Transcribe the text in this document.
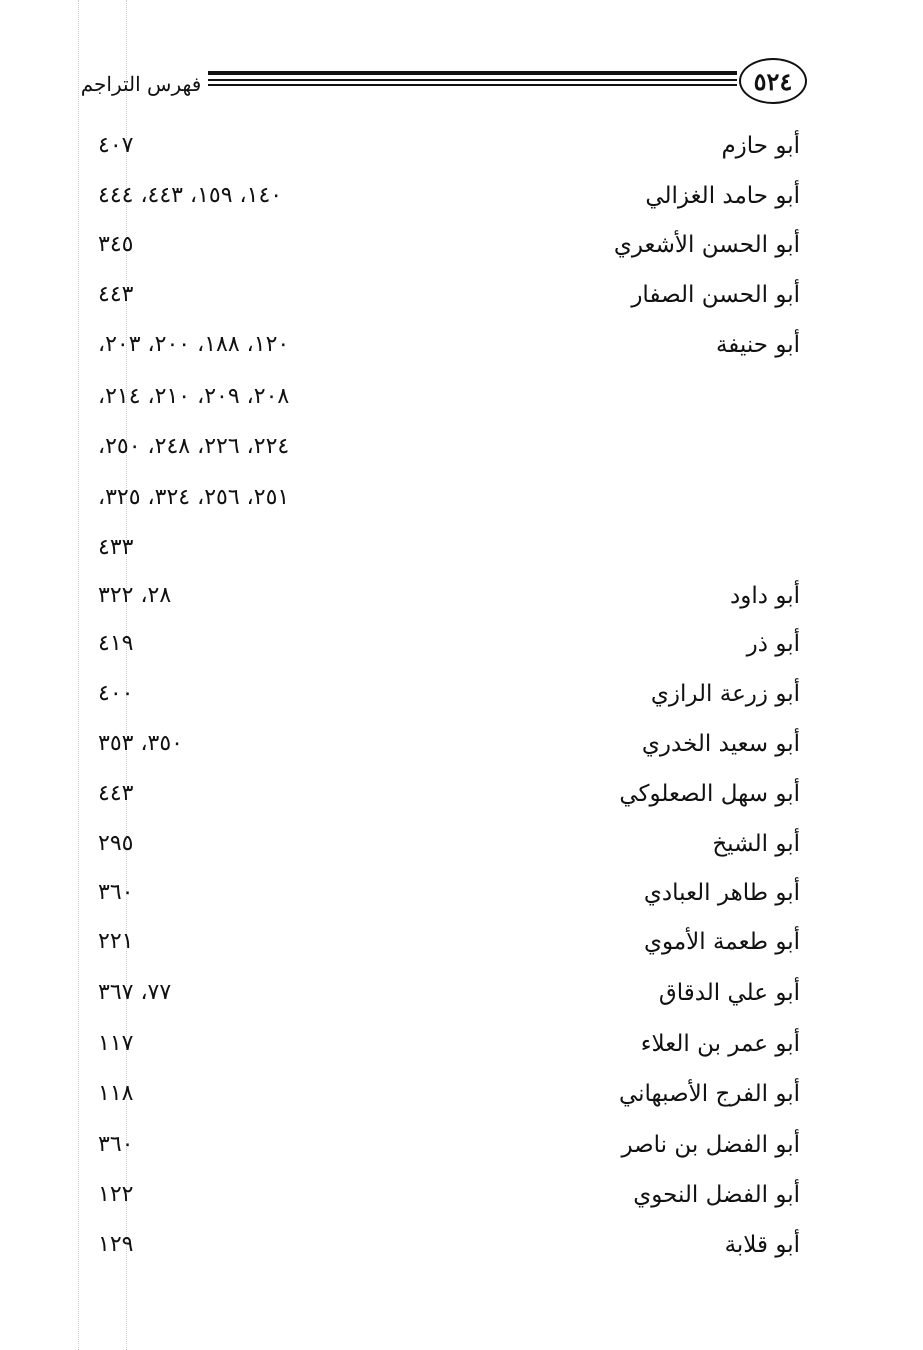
٥٢٤
فهرس التراجم
أبو حازم
٤٠٧
أبو حامد الغزالي
١٤٠، ١٥٩، ٤٤٣، ٤٤٤
أبو الحسن الأشعري
٣٤٥
أبو الحسن الصفار
٤٤٣
أبو حنيفة
١٢٠، ١٨٨، ٢٠٠، ٢٠٣،
٢٠٨، ٢٠٩، ٢١٠، ٢١٤،
٢٢٤، ٢٢٦، ٢٤٨، ٢٥٠،
٢٥١، ٢٥٦، ٣٢٤، ٣٢٥،
٤٣٣
أبو داود
٢٨، ٣٢٢
أبو ذر
٤١٩
أبو زرعة الرازي
٤٠٠
أبو سعيد الخدري
٣٥٠، ٣٥٣
أبو سهل الصعلوكي
٤٤٣
أبو الشيخ
٢٩٥
أبو طاهر العبادي
٣٦٠
أبو طعمة الأموي
٢٢١
أبو علي الدقاق
٧٧، ٣٦٧
أبو عمر بن العلاء
١١٧
أبو الفرج الأصبهاني
١١٨
أبو الفضل بن ناصر
٣٦٠
أبو الفضل النحوي
١٢٢
أبو قلابة
١٢٩
